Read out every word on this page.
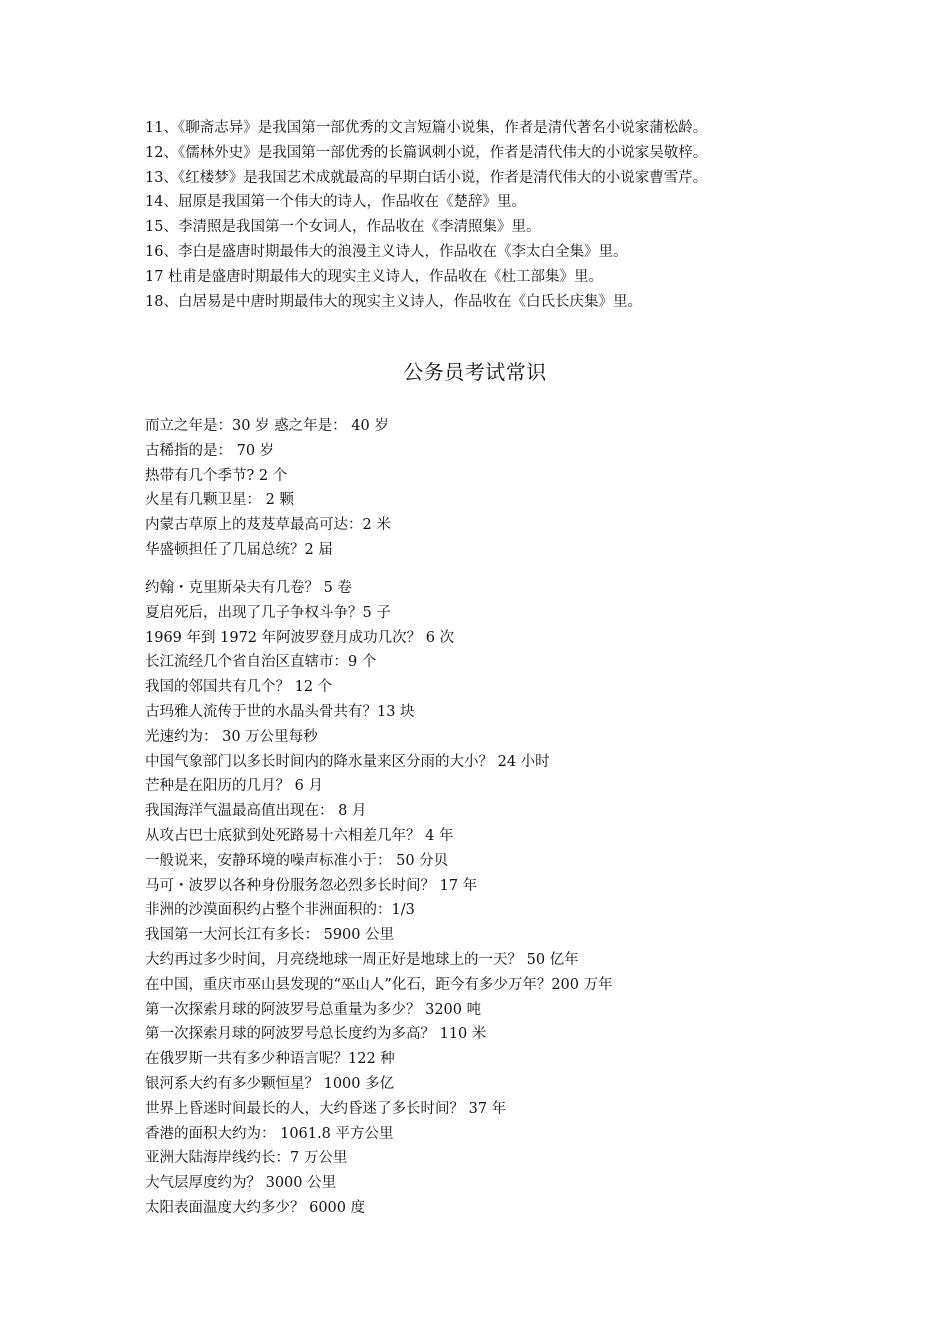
11、《聊斋志异》是我国第一部优秀的文言短篇小说集，作者是清代著名小说家蒲松龄。
12、《儒林外史》是我国第一部优秀的长篇讽刺小说，作者是清代伟大的小说家吴敬梓。
13、《红楼梦》是我国艺术成就最高的早期白话小说，作者是清代伟大的小说家曹雪芹。
14、屈原是我国第一个伟大的诗人，作品收在《楚辞》里。
15、李清照是我国第一个女词人，作品收在《李清照集》里。
16、李白是盛唐时期最伟大的浪漫主义诗人，作品收在《李太白全集》里。
17 杜甫是盛唐时期最伟大的现实主义诗人，作品收在《杜工部集》里。
18、白居易是中唐时期最伟大的现实主义诗人，作品收在《白氏长庆集》里。
公务员考试常识
而立之年是：30 岁 惑之年是： 40 岁
古稀指的是： 70 岁
热带有几个季节? 2 个
火星有几颗卫星： 2 颗
内蒙古草原上的芨芨草最高可达：2 米
华盛顿担任了几届总统？2 届
约翰・克里斯朵夫有几卷？ 5 卷
夏启死后，出现了几子争权斗争？5 子
1969 年到 1972 年阿波罗登月成功几次？ 6 次
长江流经几个省自治区直辖市：9 个
我国的邻国共有几个？ 12 个
古玛雅人流传于世的水晶头骨共有？13 块
光速约为： 30 万公里每秒
中国气象部门以多长时间内的降水量来区分雨的大小？ 24 小时
芒种是在阳历的几月？ 6 月
我国海洋气温最高值出现在： 8 月
从攻占巴士底狱到处死路易十六相差几年？ 4 年
一般说来，安静环境的噪声标准小于： 50 分贝
马可・波罗以各种身份服务忽必烈多长时间？ 17 年
非洲的沙漠面积约占整个非洲面积的：1/3
我国第一大河长江有多长： 5900 公里
大约再过多少时间，月亮绕地球一周正好是地球上的一天？ 50 亿年
在中国，重庆市巫山县发现的“巫山人”化石，距今有多少万年？200 万年
第一次探索月球的阿波罗号总重量为多少？ 3200 吨
第一次探索月球的阿波罗号总长度约为多高？ 110 米
在俄罗斯一共有多少种语言呢？122 种
银河系大约有多少颗恒星？ 1000 多亿
世界上昏迷时间最长的人，大约昏迷了多长时间？ 37 年
香港的面积大约为： 1061.8 平方公里
亚洲大陆海岸线约长：7 万公里
大气层厚度约为？ 3000 公里
太阳表面温度大约多少？ 6000 度
